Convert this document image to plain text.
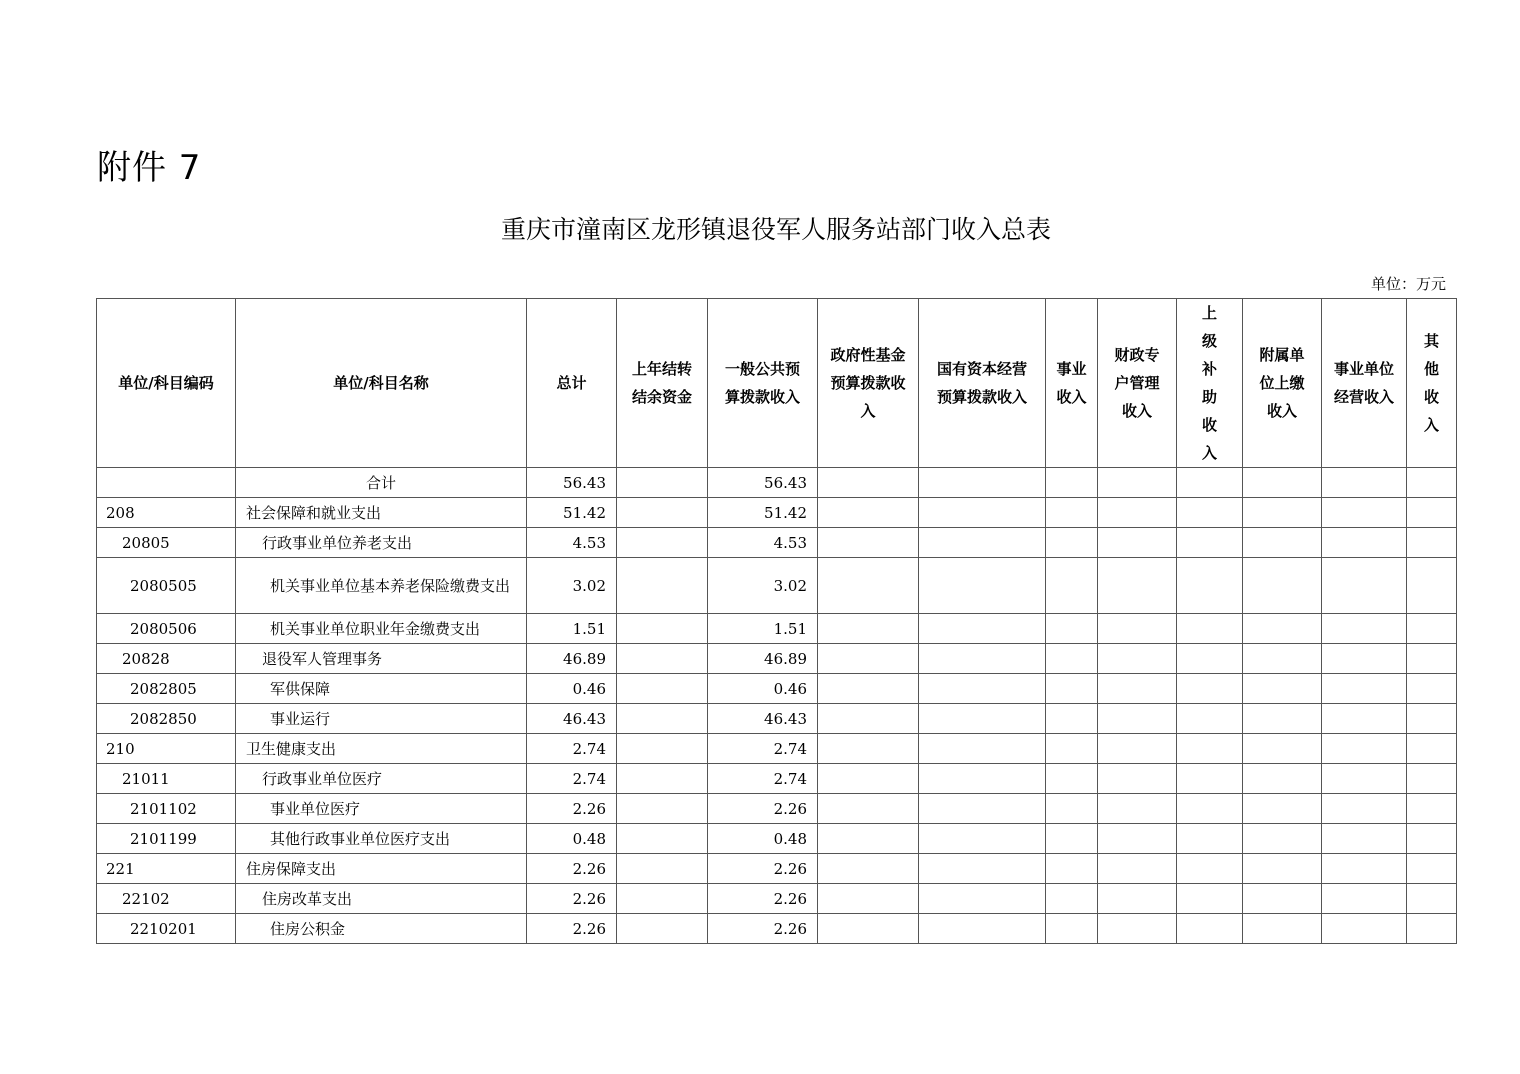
附件 7
重庆市潼南区龙形镇退役军人服务站部门收入总表
单位：万元
单位/科目编码	单位/科目名称	总计	上年结转结余资金	一般公共预算拨款收入	政府性基金预算拨款收入	国有资本经营预算拨款收入	事业收入	财政专户管理收入	上级补助收入	附属单位上缴收入	事业单位经营收入	其他收入
	合计	56.43		56.43								
208	社会保障和就业支出	51.42		51.42								
20805	行政事业单位养老支出	4.53		4.53								
2080505	机关事业单位基本养老保险缴费支出	3.02		3.02								
2080506	机关事业单位职业年金缴费支出	1.51		1.51								
20828	退役军人管理事务	46.89		46.89								
2082805	军供保障	0.46		0.46								
2082850	事业运行	46.43		46.43								
210	卫生健康支出	2.74		2.74								
21011	行政事业单位医疗	2.74		2.74								
2101102	事业单位医疗	2.26		2.26								
2101199	其他行政事业单位医疗支出	0.48		0.48								
221	住房保障支出	2.26		2.26								
22102	住房改革支出	2.26		2.26								
2210201	住房公积金	2.26		2.26								
